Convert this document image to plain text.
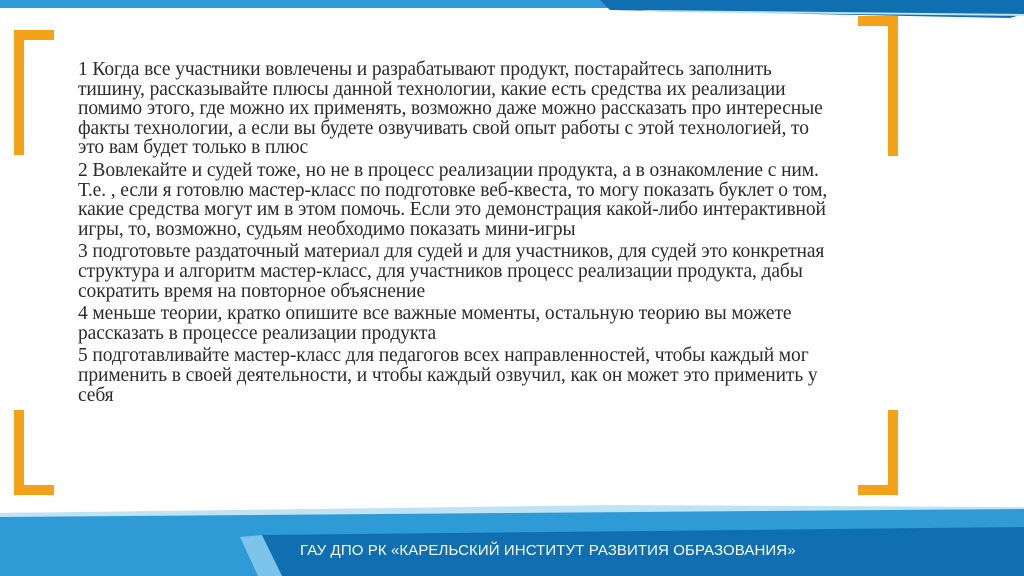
1 Когда все участники вовлечены и разрабатывают продукт, постарайтесь заполнить тишину, рассказывайте плюсы данной технологии, какие есть средства их реализации помимо этого, где можно их применять, возможно даже можно рассказать про интересные факты технологии, а если вы будете озвучивать свой опыт работы с этой технологией, то это вам будет только в плюс

2 Вовлекайте и судей тоже, но не в процесс реализации продукта, а в ознакомление с ним. Т.е. , если я готовлю мастер-класс по подготовке веб-квеста, то могу показать буклет о том, какие средства могут им в этом помочь. Если это демонстрация какой-либо интерактивной игры, то, возможно, судьям необходимо показать мини-игры

3 подготовьте раздаточный материал для судей и для участников, для судей это конкретная структура и алгоритм мастер-класс, для участников процесс реализации продукта, дабы сократить время на повторное объяснение

4 меньше теории, кратко опишите все важные моменты, остальную теорию вы можете рассказать в процессе реализации продукта

5 подготавливайте мастер-класс для педагогов всех направленностей, чтобы каждый мог применить в своей деятельности, и чтобы каждый озвучил, как он может это применить у себя

ГАУ ДПО РК «КАРЕЛЬСКИЙ ИНСТИТУТ РАЗВИТИЯ ОБРАЗОВАНИЯ»
